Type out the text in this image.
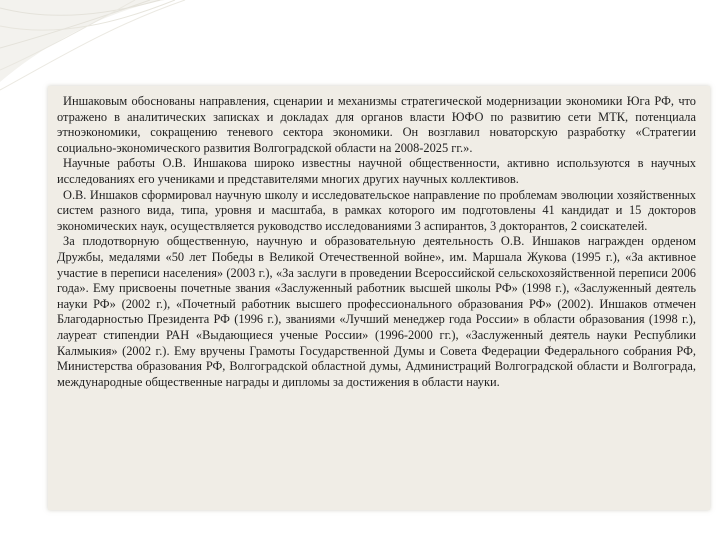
Иншаковым обоснованы направления, сценарии и механизмы стратегической модернизации экономики Юга РФ, что отражено в аналитических записках и докладах для органов власти ЮФО по развитию сети МТК, потенциала этноэкономики, сокращению теневого сектора экономики. Он возглавил новаторскую разработку «Стратегии социально-экономического развития Волгоградской области на 2008-2025 гг.».

Научные работы О.В. Иншакова широко известны научной общественности, активно используются в научных исследованиях его учениками и представителями многих других научных коллективов.

О.В. Иншаков сформировал научную школу и исследовательское направление по проблемам эволюции хозяйственных систем разного вида, типа, уровня и масштаба, в рамках которого им подготовлены 41 кандидат и 15 докторов экономических наук, осуществляется руководство исследованиями 3 аспирантов, 3 докторантов, 2 соискателей.

За плодотворную общественную, научную и образовательную деятельность О.В. Иншаков награжден орденом Дружбы, медалями «50 лет Победы в Великой Отечественной войне», им. Маршала Жукова (1995 г.), «За активное участие в переписи населения» (2003 г.), «За заслуги в проведении Всероссийской сельскохозяйственной переписи 2006 года». Ему присвоены почетные звания «Заслуженный работник высшей школы РФ» (1998 г.), «Заслуженный деятель науки РФ» (2002 г.), «Почетный работник высшего профессионального образования РФ» (2002). Иншаков отмечен Благодарностью Президента РФ (1996 г.), званиями «Лучший менеджер года России» в области образования (1998 г.), лауреат стипендии РАН «Выдающиеся ученые России» (1996-2000 гг.), «Заслуженный деятель науки Республики Калмыкия» (2002 г.). Ему вручены Грамоты Государственной Думы и Совета Федерации Федерального собрания РФ, Министерства образования РФ, Волгоградской областной думы, Администраций Волгоградской области и Волгограда, международные общественные награды и дипломы за достижения в области науки.
